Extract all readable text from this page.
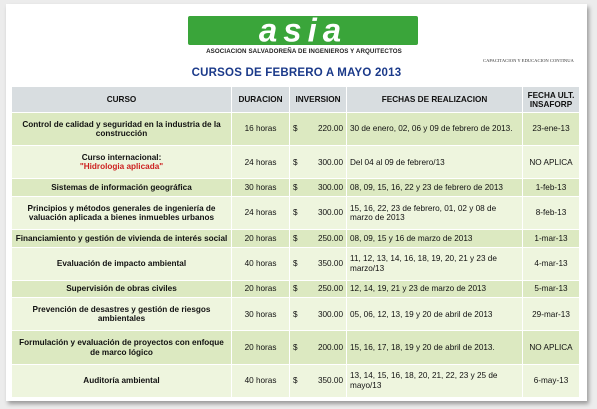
asia
ASOCIACION SALVADOREÑA DE INGENIEROS Y ARQUITECTOS
CAPACITACION Y EDUCACION CONTINUA
CURSOS DE FEBRERO A MAYO 2013
CURSO	DURACION	INVERSION	FECHAS DE REALIZACION	FECHA ULT. INSAFORP
Control de calidad y seguridad en la industria de la construcción	16 horas	$ 220.00	30 de enero, 02, 06 y 09 de febrero de 2013.	23-ene-13

Curso internacional:
"Hidrologia aplicada"	24 horas	$ 300.00	Del 04 al 09 de febrero/13	NO APLICA
Sistemas de información geográfica	30 horas	$ 300.00	08, 09, 15, 16, 22 y 23 de febrero de 2013	1-feb-13
Principios y métodos generales de ingeniería de valuación aplicada a bienes inmuebles urbanos	24 horas	$ 300.00	15, 16, 22, 23 de febrero, 01, 02 y 08 de marzo de 2013	8-feb-13
Financiamiento y gestión de vivienda de interés social	20 horas	$ 250.00	08, 09, 15 y 16 de marzo de 2013	1-mar-13
Evaluación de impacto ambiental	40 horas	$ 350.00	11, 12, 13, 14, 16, 18, 19, 20, 21 y 23 de marzo/13	4-mar-13
Supervisión de obras civiles	20 horas	$ 250.00	12, 14, 19, 21 y 23 de marzo de 2013	5-mar-13
Prevención de desastres y gestión de riesgos ambientales	30 horas	$ 300.00	05, 06, 12, 13, 19 y 20 de abril de 2013	29-mar-13
Formulación y evaluación de proyectos con enfoque de marco lógico	20 horas	$ 200.00	15, 16, 17, 18, 19 y 20 de abril de 2013.	NO APLICA
Auditoría ambiental	40 horas	$ 350.00	13, 14, 15, 16, 18, 20, 21, 22, 23 y 25 de mayo/13	6-may-13
